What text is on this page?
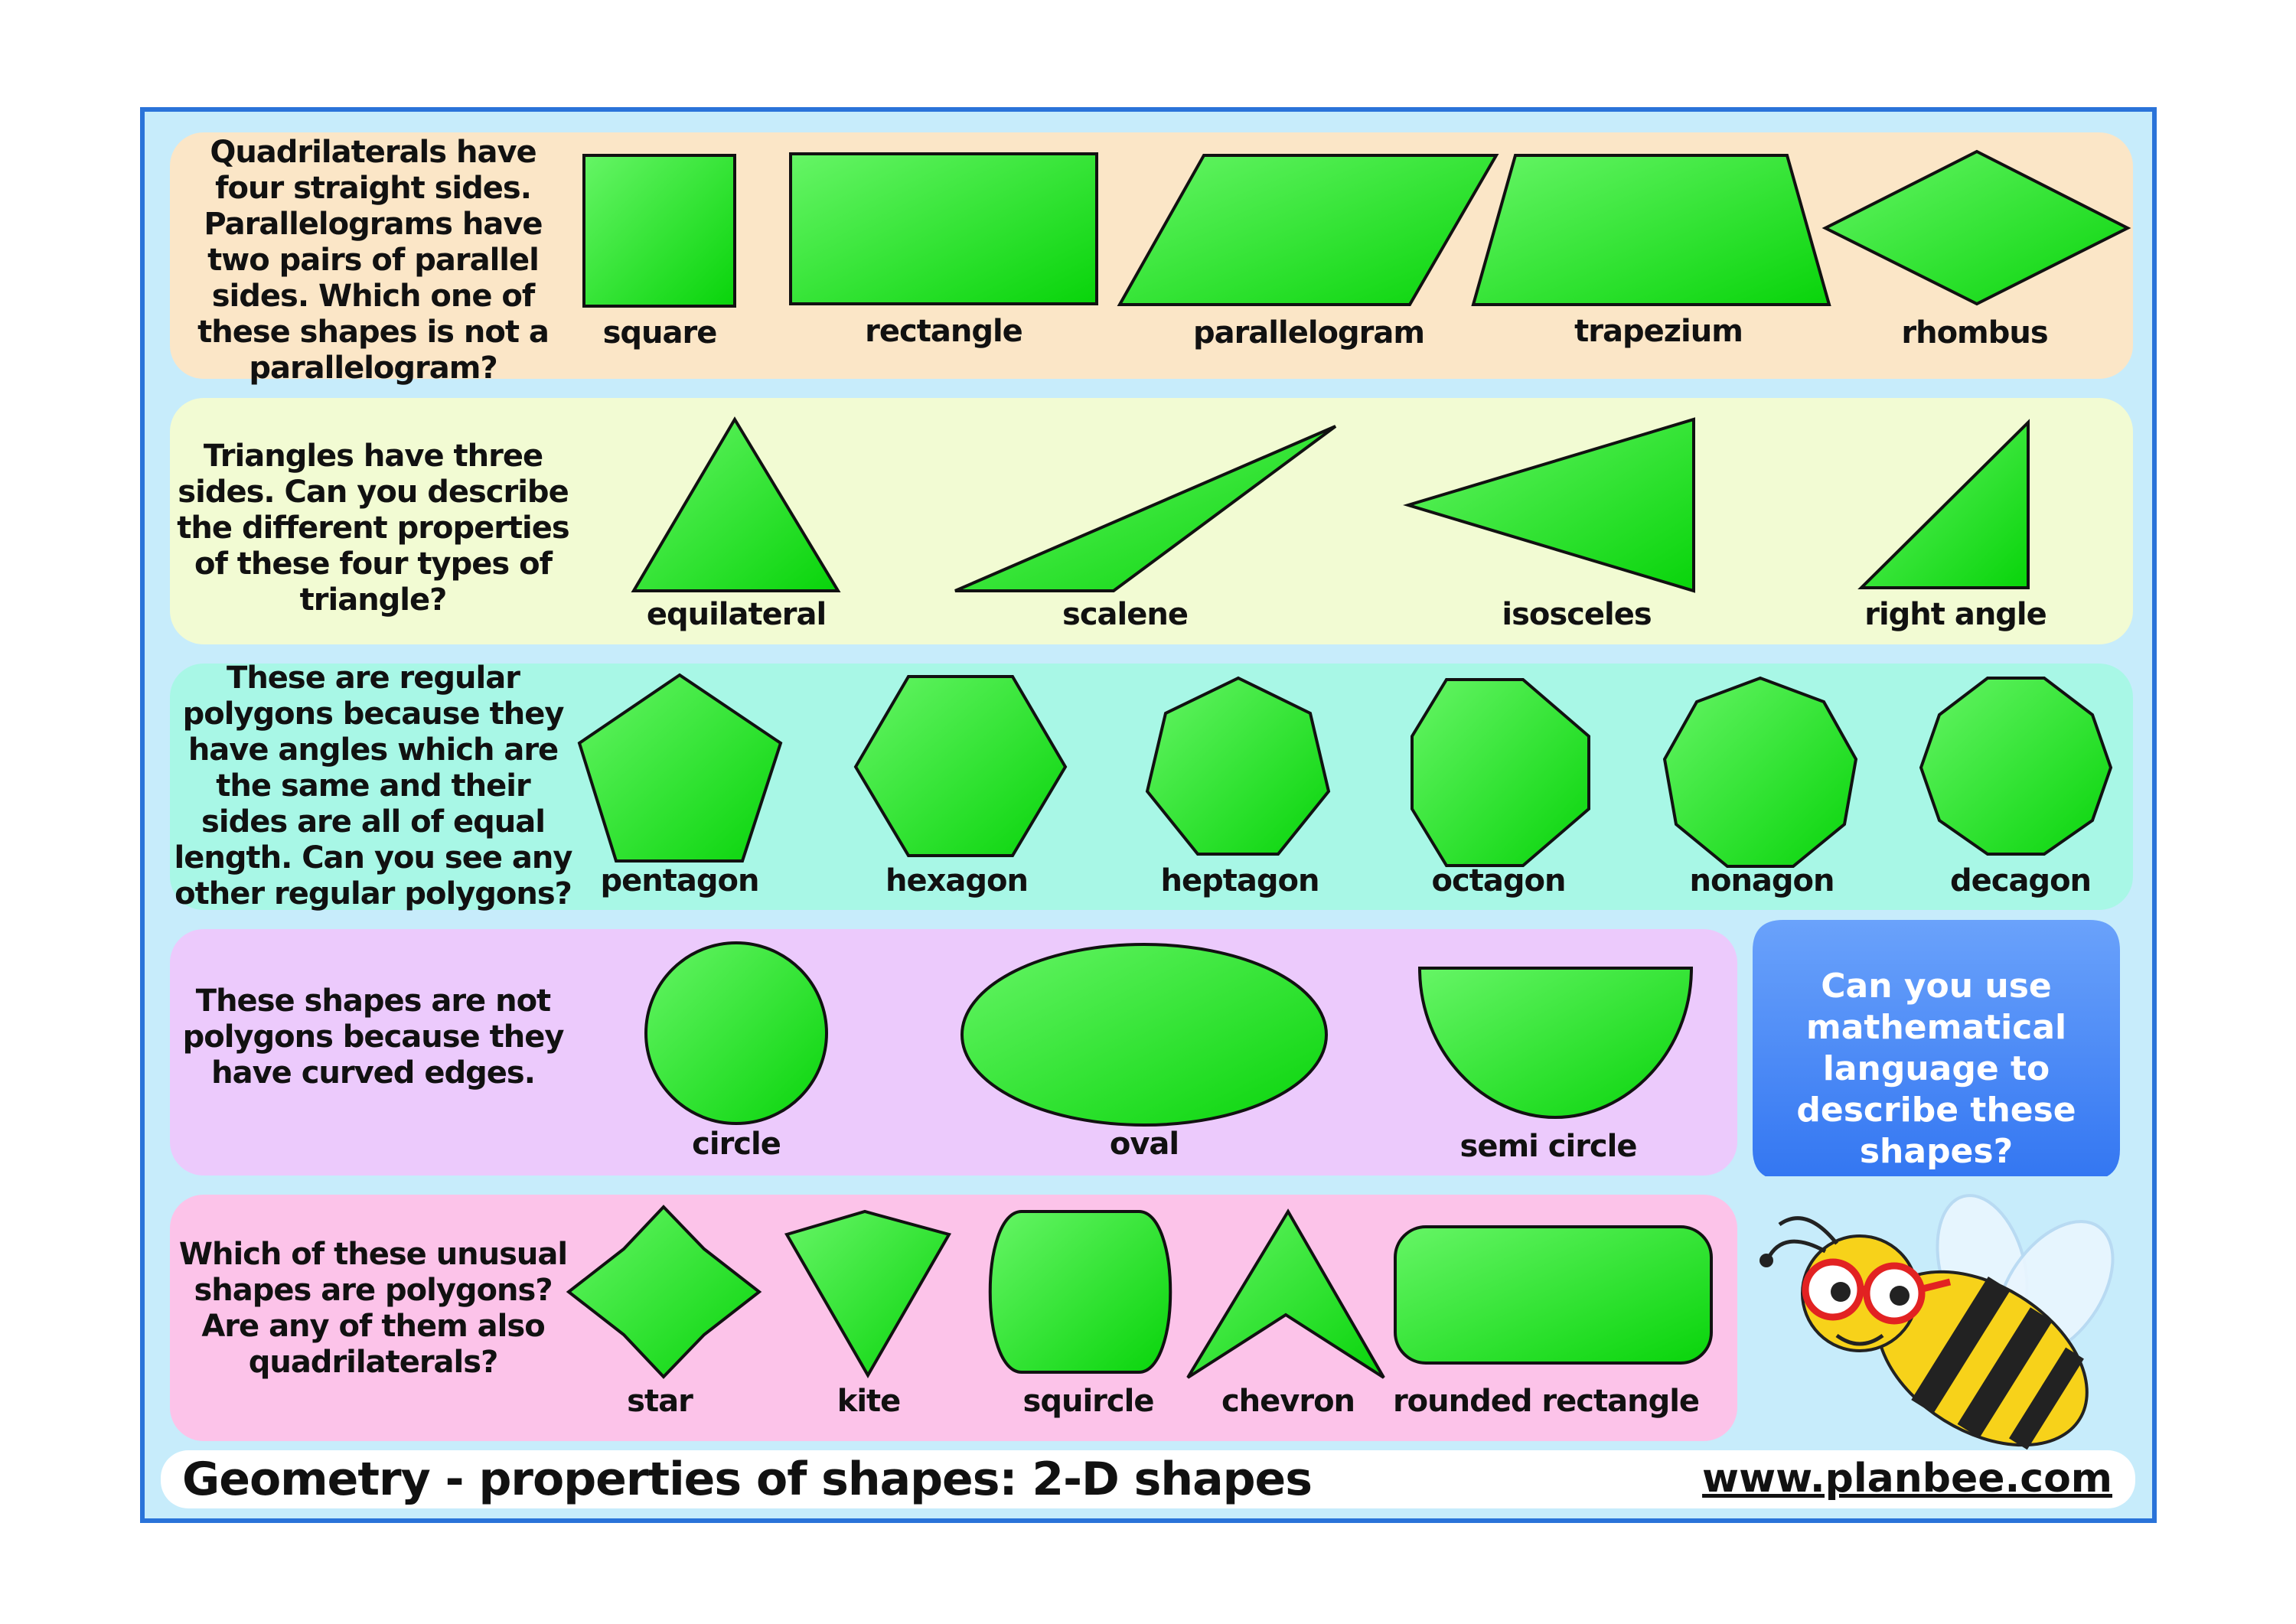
Quadrilaterals have four straight sides. Parallelograms have two pairs of parallel sides. Which one of these shapes is not a parallelogram?
Triangles have three sides. Can you describe the different properties of these four types of triangle?
These are regular polygons because they have angles which are the same and their sides are all of equal length. Can you see any other regular polygons?
These shapes are not polygons because they have curved edges.
Which of these unusual shapes are polygons? Are any of them also quadrilaterals?
square	rectangle	parallelogram	trapezium	rhombus
equilateral	scalene	isosceles	right angle
pentagon	hexagon	heptagon	octagon	nonagon	decagon
circle	oval	semi circle
star	kite	squircle chevron rounded rectangle
Can you use mathematical language to describe these shapes?
Geometry - properties of shapes: 2-D shapes	www.planbee.com
